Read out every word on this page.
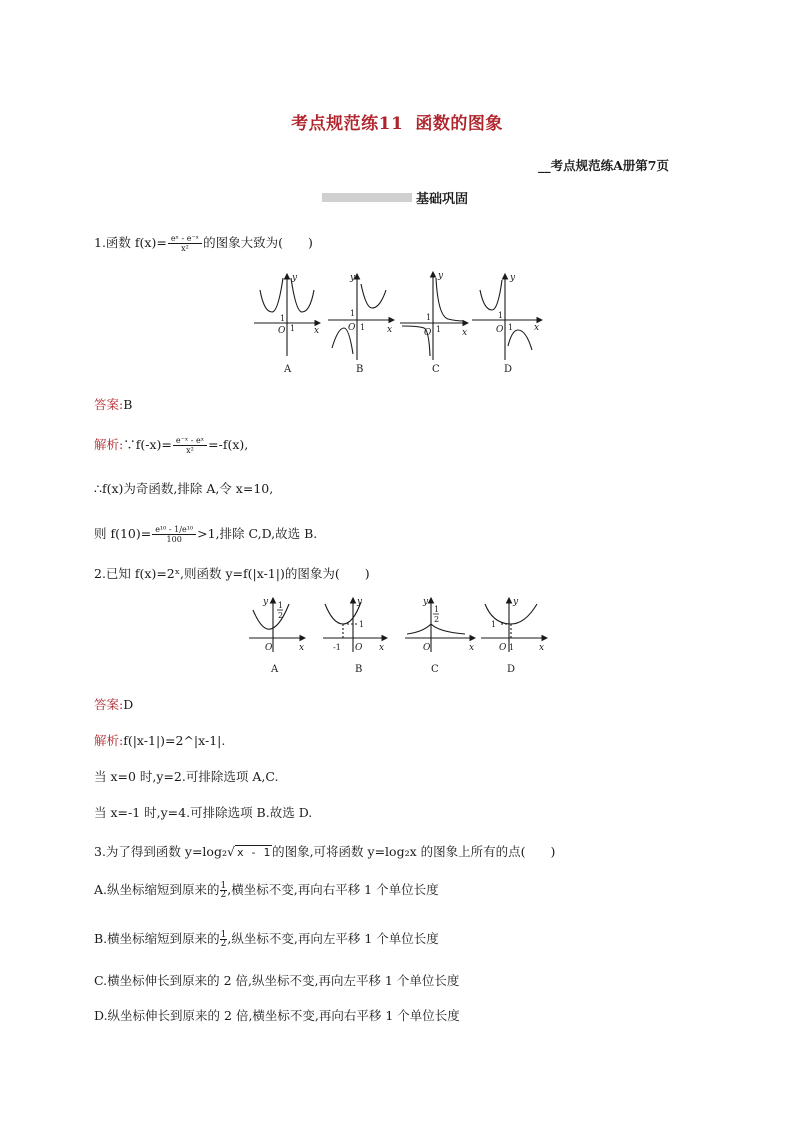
考点规范练11 函数的图象
__考点规范练A册第7页
基础巩固
1.函数 $f(x)= \frac{\text{eˣ - e⁻ˣ}}{\text{x²}}$ 的图象大致为(　　)
y
x
O
1
1
A
y
x
O
1
1
B
y
x
O
1
1
C
y
x
O
1
1
D
答案:B
解析:∵f(-x)= $\frac{\text{e⁻ˣ - eˣ}}{\text{x²}} =-f(x)$,
∴f(x)为奇函数,排除 A,令 x=10,
则 $f(10)= \frac{\text{e¹⁰ - 1/e¹⁰}}{100} >1$,排除 C,D,故选 B.
2.已知 f(x)=2ˣ,则函数 y=f(|x-1|)的图象为(　　)
y
x
O
1
2
A
y
x
O
-1
1
B
y
x
O
1
2
C
y
x
O
1
1
D
答案:D
解析:f(|x-1|)=2^|x-1|.
当 x=0 时,y=2.可排除选项 A,C.
当 x=-1 时,y=4.可排除选项 B.故选 D.
3.为了得到函数 y=log₂√ x - 1 的图象,可将函数 y=log₂x 的图象上所有的点(　　)
A.纵坐标缩短到原来的 $\frac{1}{2}$,横坐标不变,再向右平移 1 个单位长度
B.横坐标缩短到原来的 $\frac{1}{2}$,纵坐标不变,再向左平移 1 个单位长度
C.横坐标伸长到原来的 2 倍,纵坐标不变,再向左平移 1 个单位长度
D.纵坐标伸长到原来的 2 倍,横坐标不变,再向右平移 1 个单位长度
